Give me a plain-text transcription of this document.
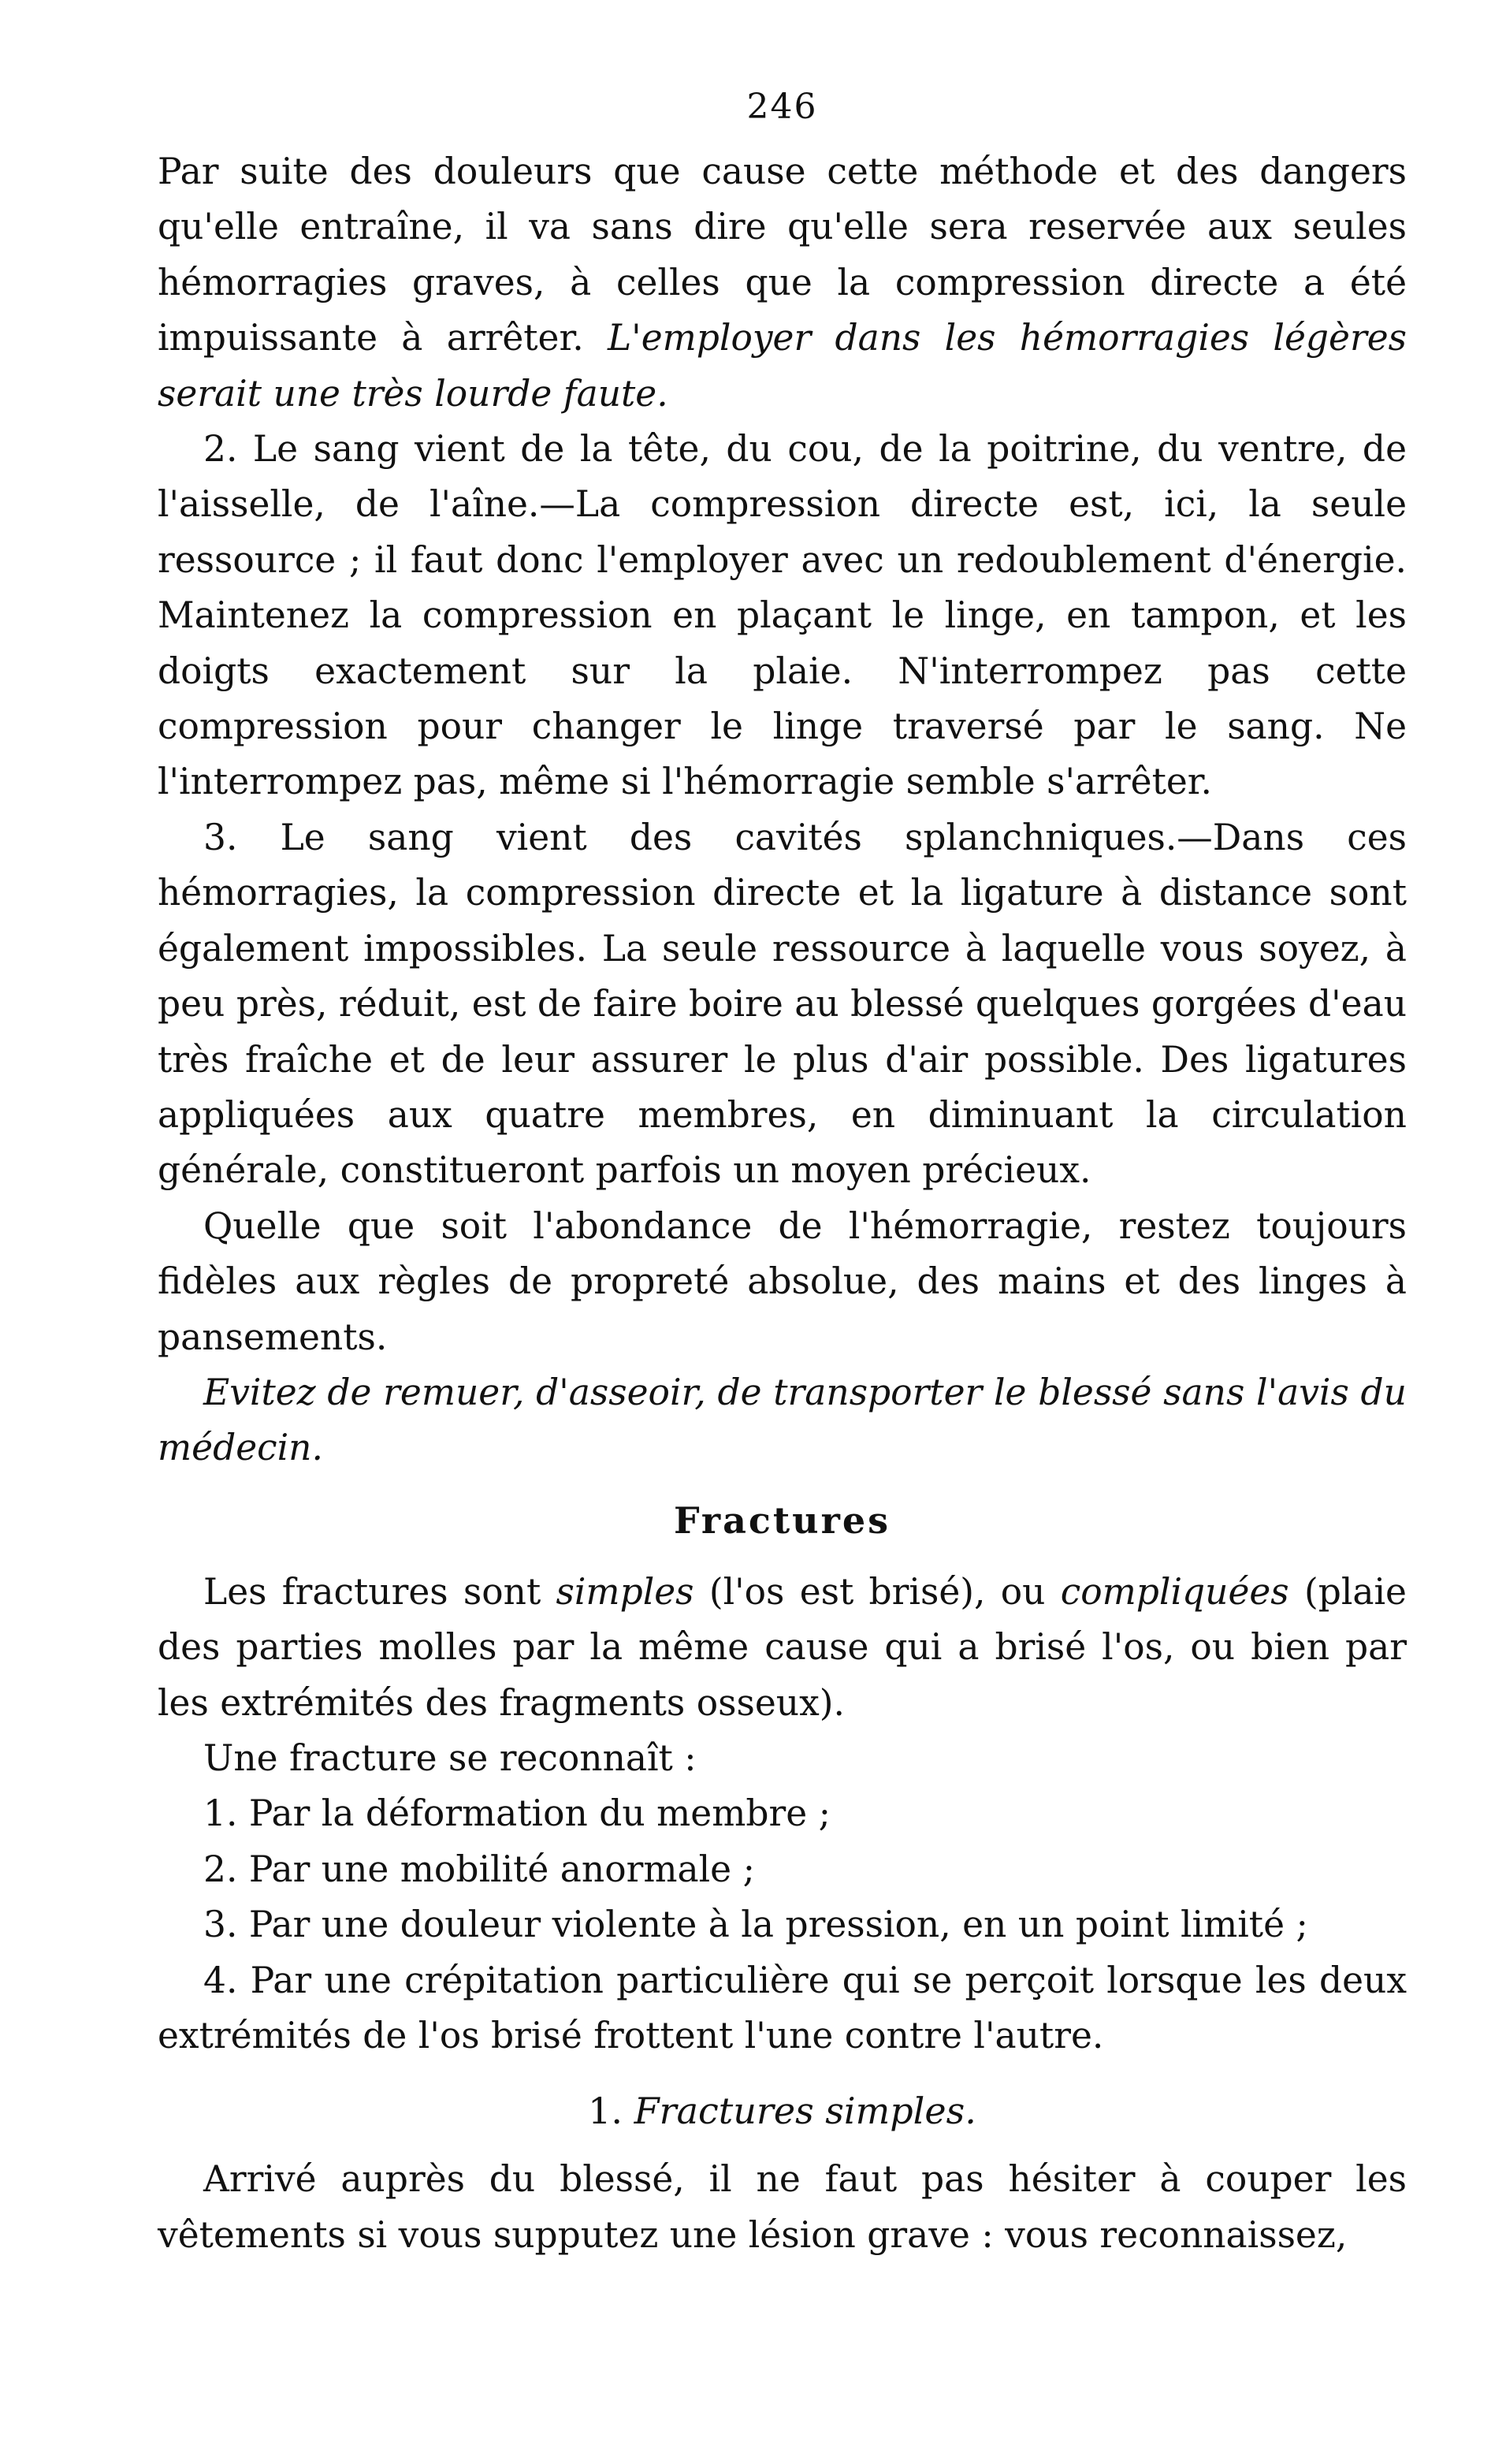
246

Par suite des douleurs que cause cette méthode et des dangers qu'elle entraîne, il va sans dire qu'elle sera reservée aux seules hémorragies graves, à celles que la compression directe a été impuissante à arrêter. L'employer dans les hémorragies légères serait une très lourde faute.

2. Le sang vient de la tête, du cou, de la poitrine, du ventre, de l'aisselle, de l'aîne.—La compression directe est, ici, la seule ressource ; il faut donc l'employer avec un redoublement d'énergie. Maintenez la compression en plaçant le linge, en tampon, et les doigts exactement sur la plaie. N'interrompez pas cette compression pour changer le linge traversé par le sang. Ne l'interrompez pas, même si l'hémorragie semble s'arrêter.

3. Le sang vient des cavités splanchniques.—Dans ces hémorragies, la compression directe et la ligature à distance sont également impossibles. La seule ressource à laquelle vous soyez, à peu près, réduit, est de faire boire au blessé quelques gorgées d'eau très fraîche et de leur assurer le plus d'air possible. Des ligatures appliquées aux quatre membres, en diminuant la circulation générale, constitueront parfois un moyen précieux.

Quelle que soit l'abondance de l'hémorragie, restez toujours fidèles aux règles de propreté absolue, des mains et des linges à pansements.

Evitez de remuer, d'asseoir, de transporter le blessé sans l'avis du médecin.

Fractures

Les fractures sont simples (l'os est brisé), ou compliquées (plaie des parties molles par la même cause qui a brisé l'os, ou bien par les extrémités des fragments osseux).

Une fracture se reconnaît :

1. Par la déformation du membre ;

2. Par une mobilité anormale ;

3. Par une douleur violente à la pression, en un point limité ;

4. Par une crépitation particulière qui se perçoit lorsque les deux extrémités de l'os brisé frottent l'une contre l'autre.

1. Fractures simples.

Arrivé auprès du blessé, il ne faut pas hésiter à couper les vêtements si vous supputez une lésion grave : vous reconnaissez,
